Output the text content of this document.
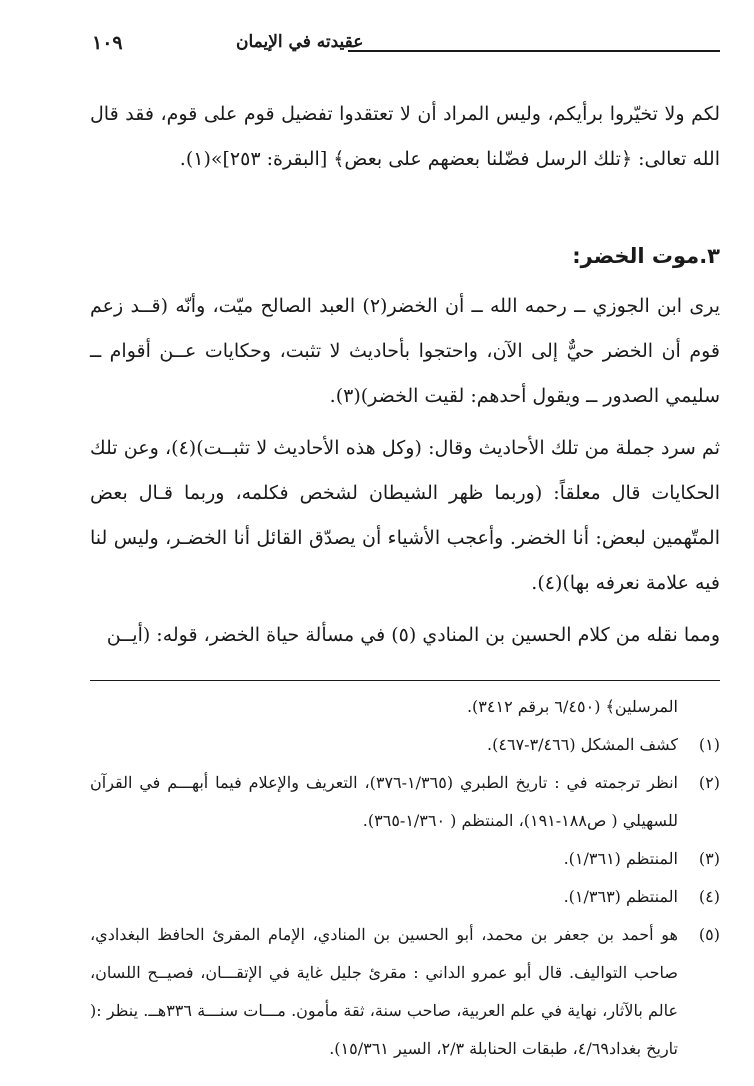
١٠٩	عقيدته في الإيمان

لكم ولا تخيّروا برأيكم، وليس المراد أن لا تعتقدوا تفضيل قوم على قوم، فقد قال الله تعالى: ﴿تلك الرسل فضّلنا بعضهم على بعض﴾ [البقرة: ٢٥٣]»(١).

٣.موت الخضر:

يرى ابن الجوزي ــ رحمه الله ــ أن الخضر(٢) العبد الصالح ميّت، وأنّه (قــد زعم قوم أن الخضر حيٌّ إلى الآن، واحتجوا بأحاديث لا تثبت، وحكايات عــن أقوام ــ سليمي الصدور ــ ويقول أحدهم: لقيت الخضر)(٣).

ثم سرد جملة من تلك الأحاديث وقال: (وكل هذه الأحاديث لا تثبــت)(٤)، وعن تلك الحكايات قال معلقاً: (وربما ظهر الشيطان لشخص فكلمه، وربما قـال بعض المتّهمين لبعض: أنا الخضر. وأعجب الأشياء أن يصدّق القائل أنا الخضـر، وليس لنا فيه علامة نعرفه بها)(٤).

ومما نقله من كلام الحسين بن المنادي (٥) في مسألة حياة الخضر، قوله: (أيــن

المرسلين﴾ (٦/٤٥٠ برقم ٣٤١٢).

(١)
كشف المشكل (٣/٤٦٦-٤٦٧).
(٢)
انظر ترجمته في : تاريخ الطبري (١/٣٦٥-٣٧٦)، التعريف والإعلام فيما أبهـــم في القرآن للسهيلي ( ص١٨٨-١٩١)، المنتظم ( ١/٣٦٠-٣٦٥).
(٣)
المنتظم (١/٣٦١).
(٤)
المنتظم (١/٣٦٣).
(٥)
هو أحمد بن جعفر بن محمد، أبو الحسين بن المنادي، الإمام المقرئ الحافظ البغدادي، صاحب التواليف. قال أبو عمرو الداني : مقرئ جليل غاية في الإتقـــان، فصيــح اللسان، عالم بالآثار، نهاية في علم العربية، صاحب سنة، ثقة مأمون. مـــات سنـــة ٣٣٦هــ. ينظر :( تاريخ بغداد٤/٦٩، طبقات الحنابلة ٢/٣، السير ١٥/٣٦١).
